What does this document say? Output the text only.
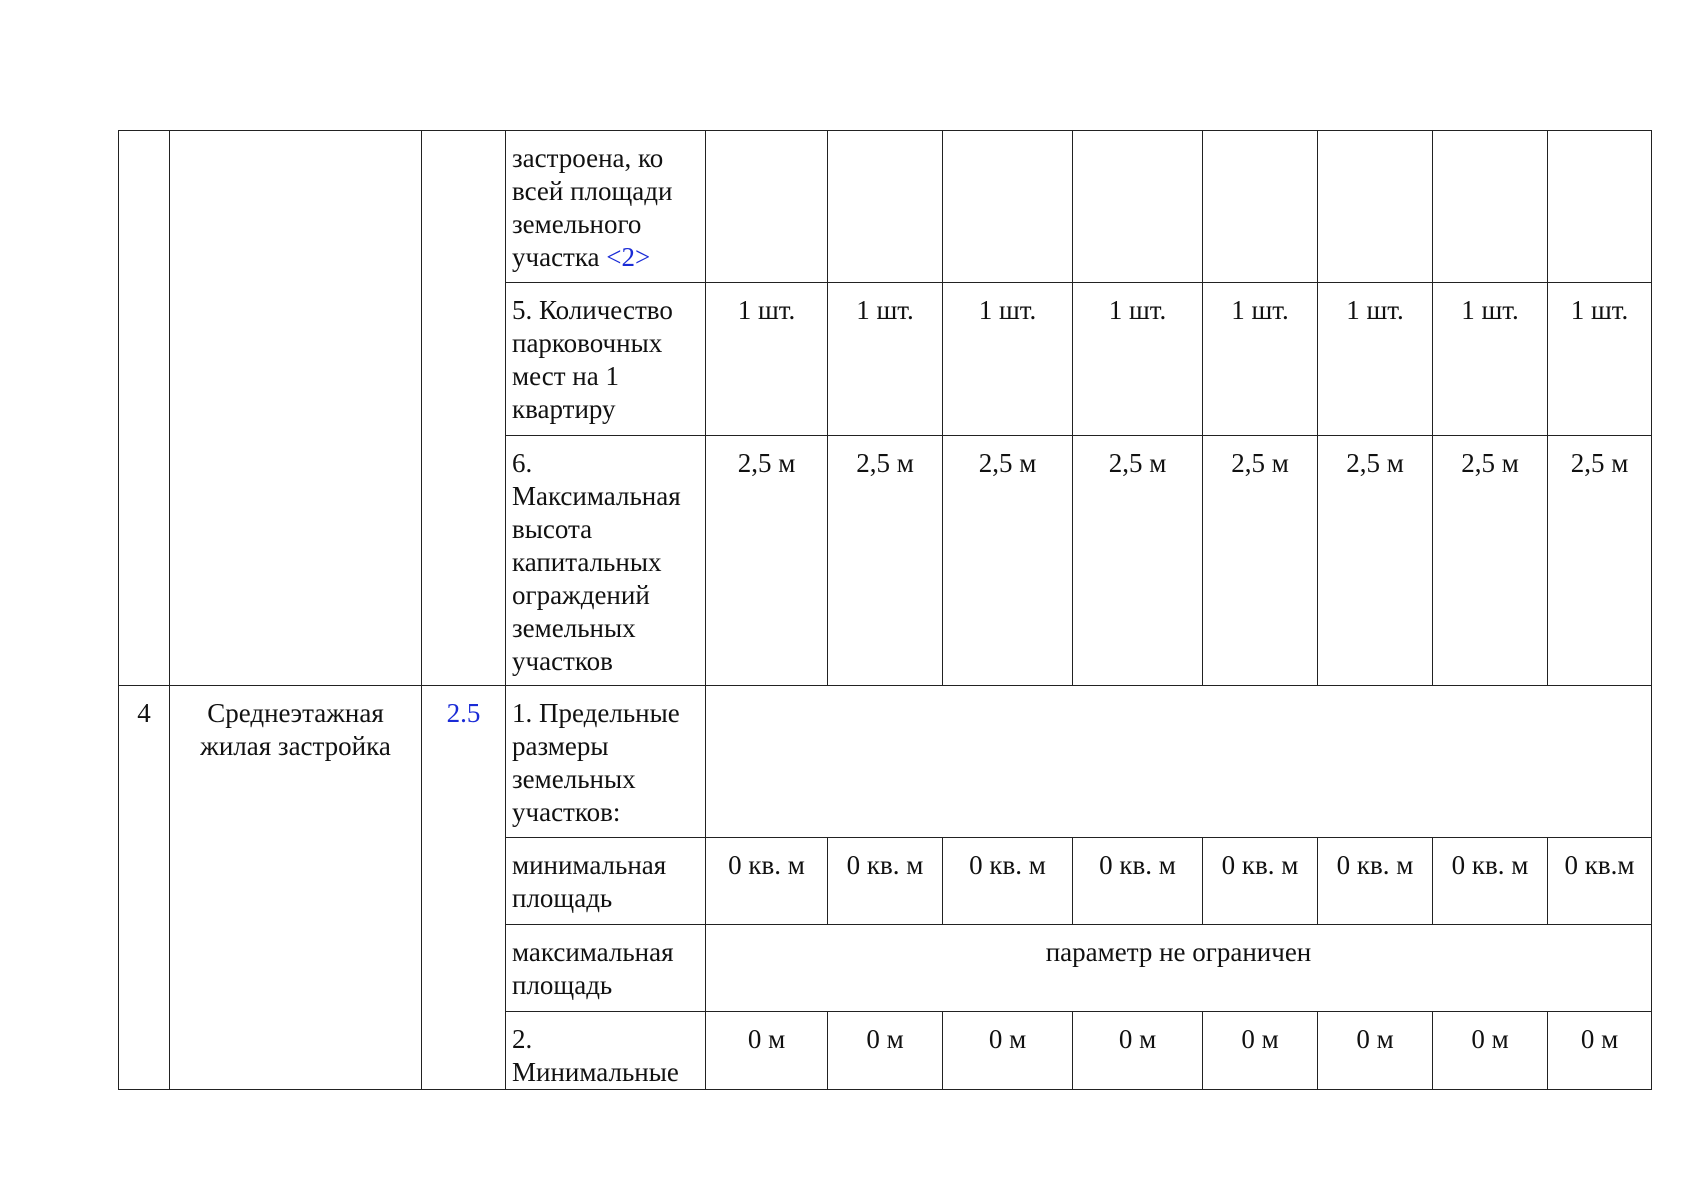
			застроена, ко всей площади земельного участка <2>								
			5. Количество парковочных мест на 1 квартиру	1 шт.	1 шт.	1 шт.	1 шт.	1 шт.	1 шт.	1 шт.	1 шт.
			6. Максимальная высота капитальных ограждений земельных участков	2,5 м	2,5 м	2,5 м	2,5 м	2,5 м	2,5 м	2,5 м	2,5 м
4	Среднеэтажная жилая застройка	2.5	1. Предельные размеры земельных участков:								
			минимальная площадь	0 кв. м	0 кв. м	0 кв. м	0 кв. м	0 кв. м	0 кв. м	0 кв. м	0 кв.м
			максимальная площадь	параметр не ограничен							
			2. Минимальные	0 м	0 м	0 м	0 м	0 м	0 м	0 м	0 м
